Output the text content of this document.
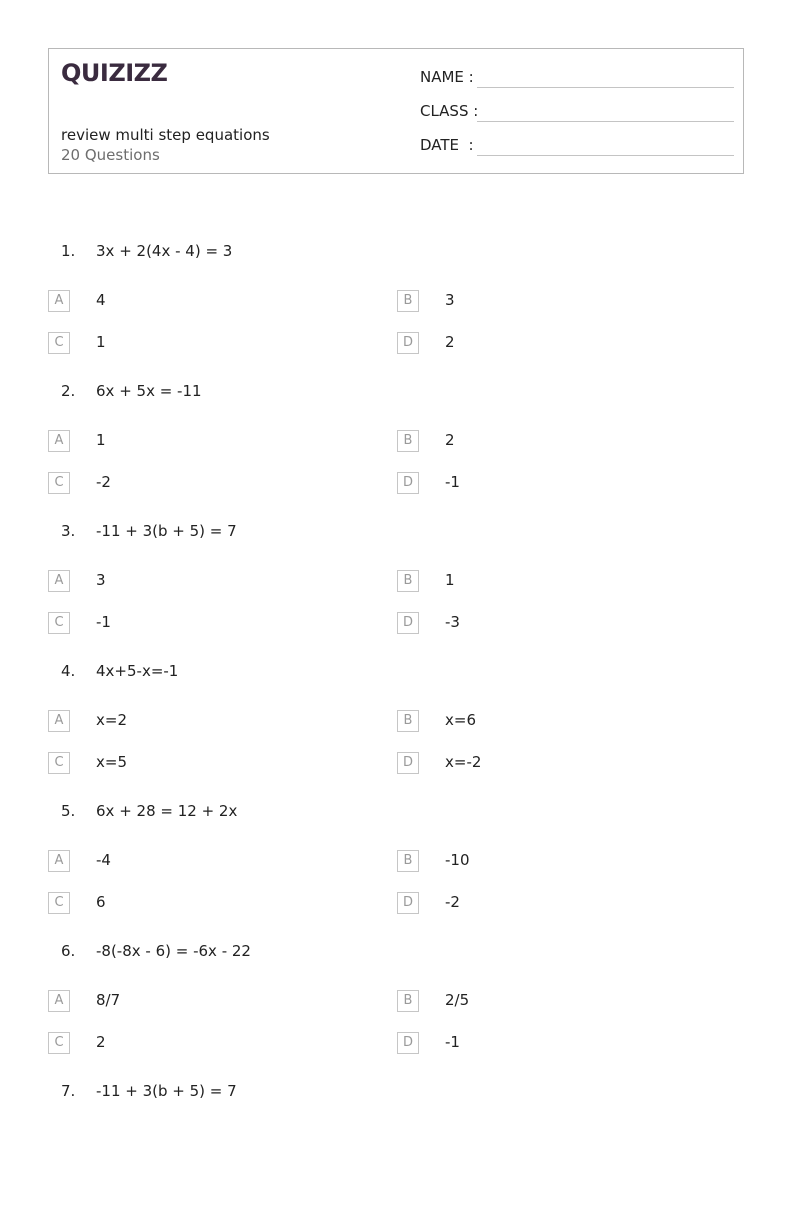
QUIZIZZ
review multi step equations
20 Questions
NAME :
CLASS :
DATE  :
1. 3x + 2(4x - 4) = 3
A	4	B	3
C	1	D	2
2. 6x + 5x = -11
A	1	B	2
C	-2	D	-1
3. -11 + 3(b + 5) = 7
A	3	B	1
C	-1	D	-3
4. 4x+5-x=-1
A	x=2	B	x=6
C	x=5	D	x=-2
5. 6x + 28 = 12 + 2x
A	-4	B	-10
C	6	D	-2
6. -8(-8x - 6) = -6x - 22
A	8/7	B	2/5
C	2	D	-1
7. -11 + 3(b + 5) = 7
